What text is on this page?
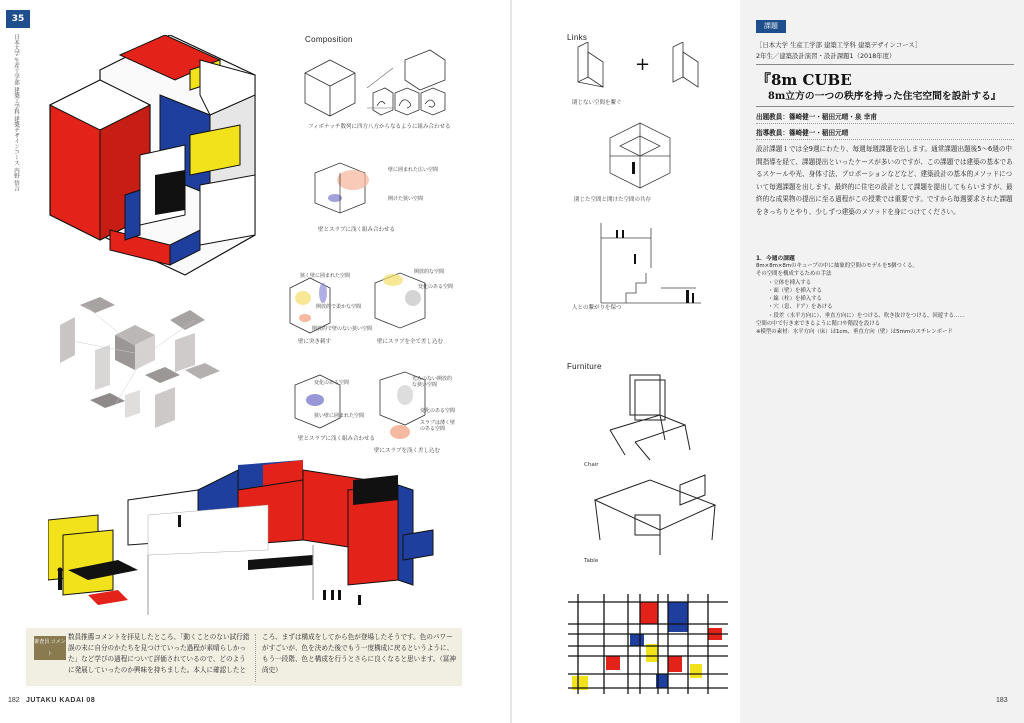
35
日本大学 生産工学部 建築工学科 建築デザインコース 内野 悟言	Composition
フィボナッチ数列に四方八方からなるように組み合わせる
壁に囲まれた広い空間
開けた狭い空間
壁とスラブに浅く組み合わせる
狭く壁に囲まれた空間
開放的な空間
変化のある空間
開放的で柔かな空間
開放的で壁のない狭い空間
壁に突き刺す	壁にスラブを全て差し込む
変化のある空間
光みのない開放的な狭い空間
狭い壁に囲まれた空間
変化のある空間
スラブは薄く壁のある空間
壁とスラブに浅く組み合わせる
壁にスラブを浅く差し込む
審査員 コメント
数員推薦コメントを拝見したところ、「動くことのない試行錯誤の末に自分のかたちを見つけていった過程が素晴らしかった」など学びの過程について評価されているので、どのように発展していったのか興味を持ちました。本人に確認したと
ころ、まずは構成をしてから色が登場したそうです。色のパワーがすごいが、色を決めた後でもう一度構成に戻るというように、もう一段階、色と構成を行うとさらに良くなると思います。（冨神尚史）
182 JUTAKU KADAI 08
Links
+
閉じない空間を繋ぐ
閉じた空間と開けた空間の共存
人との繋がりを保つ
Furniture
Chair
Table
課題
［日本大学 生産工学部 建築工学科 建築デザインコース］
2年生／建築設計演習・設計課題1（2018年度）
『8m CUBE
8m立方の一つの秩序を持った住宅空間を設計する』
出題教員：篠崎健一・稲田元晴・泉 幸甫
指導教員：篠崎健一・稲田元晴
設計課題１では全9週にわたり、毎週毎週課題を出します。通常課題出題後5～6週の中間指導を経て、課題提出といったケースが多いのですが、この課題では建築の基本であるスケールや光、身体寸法、プロポーションなどなど、建築設計の基本的メソッドについて毎週課題を出します。最終的に住宅の設計として課題を提出してもらいますが、最終的な成果物の提出に至る過程がこの授業では重要です。ですから毎週要求された課題をきっちりとやり、少しずつ建築のメソッドを身につけてください。
1．今週の課題
8m×8m×8mのキューブの中に抽象的空間のモデルを5個つくる。
その空間を構成するための手法
・立体を挿入する
・面（壁）を挿入する
・線（柱）を挿入する
・穴（窓、ドア）をあける
・段差（水平方向に）、垂直方向に）をつける、吹き抜けをつける、回遊する……
空間の中で行き来できるように階口や階段を設ける
※模型の素材：水平方向（床）は1cm、垂直方向（壁）は5mmのスチレンボード
183
